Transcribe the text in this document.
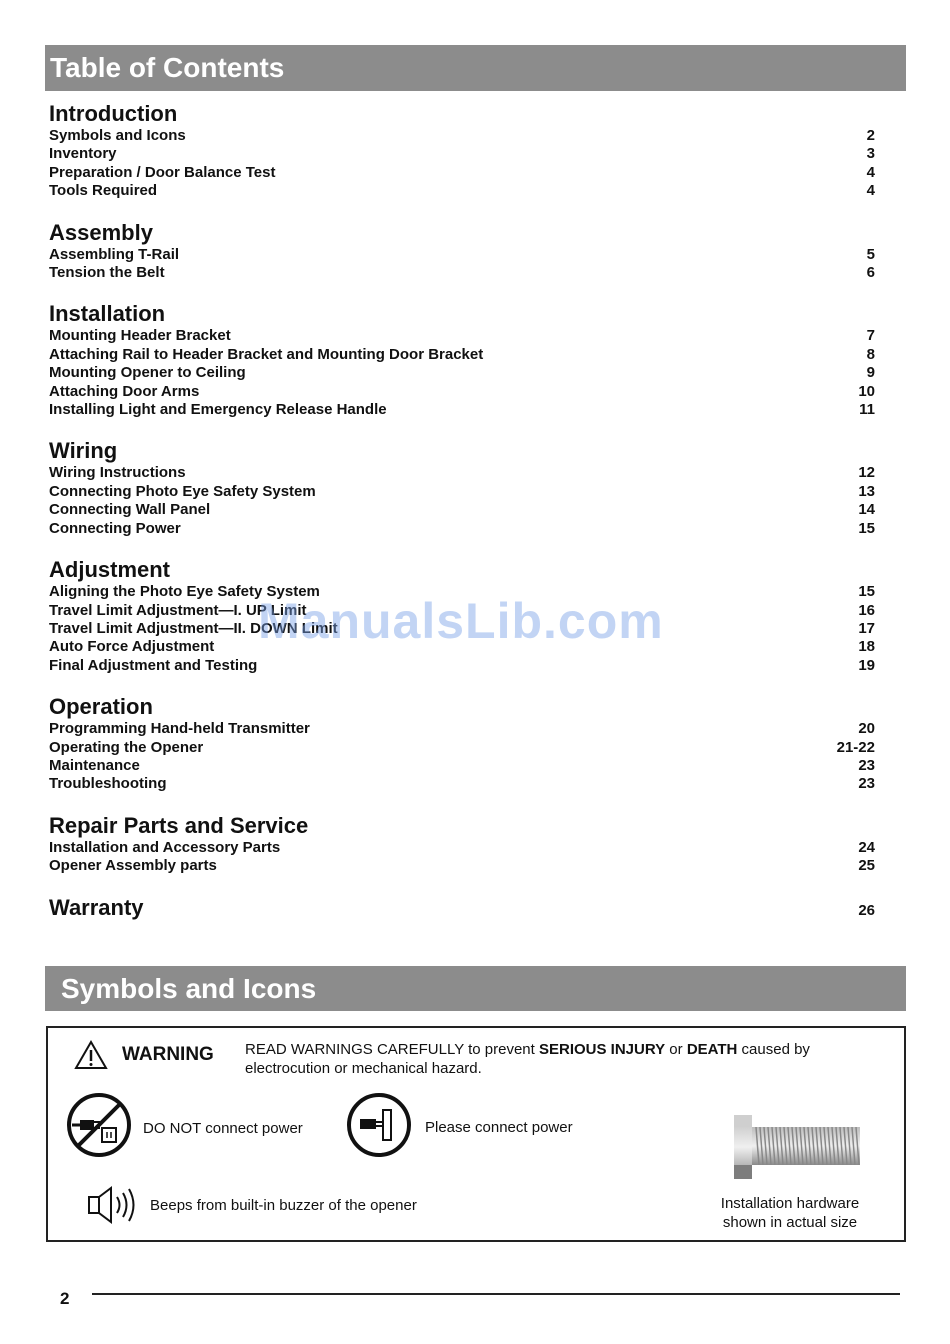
Table of Contents
Introduction
Symbols and Icons	2
Inventory	3
Preparation / Door Balance Test	4
Tools Required	4
Assembly
Assembling T-Rail	5
Tension the Belt	6
Installation
Mounting Header Bracket	7
Attaching Rail to Header Bracket and Mounting Door Bracket	8
Mounting Opener to Ceiling	9
Attaching Door Arms	10
Installing Light and Emergency Release Handle	11
Wiring
Wiring Instructions	12
Connecting Photo Eye Safety System	13
Connecting Wall Panel	14
Connecting Power	15
Adjustment
Aligning the Photo Eye Safety System	15
Travel Limit Adjustment—I. UP Limit	16
Travel Limit Adjustment—II. DOWN Limit	17
Auto Force Adjustment	18
Final Adjustment and Testing	19
Operation
Programming Hand-held Transmitter	20
Operating the Opener	21-22
Maintenance	23
Troubleshooting	23
Repair Parts and Service
Installation and Accessory Parts	24
Opener Assembly parts	25
Warranty	26
ManualsLib.com
Symbols and Icons
WARNING READ WARNINGS CAREFULLY to prevent SERIOUS INJURY or DEATH caused by electrocution or mechanical hazard.
DO NOT connect power	Please connect power
Beeps from built-in buzzer of the opener	Installation hardware
shown in actual size
2
